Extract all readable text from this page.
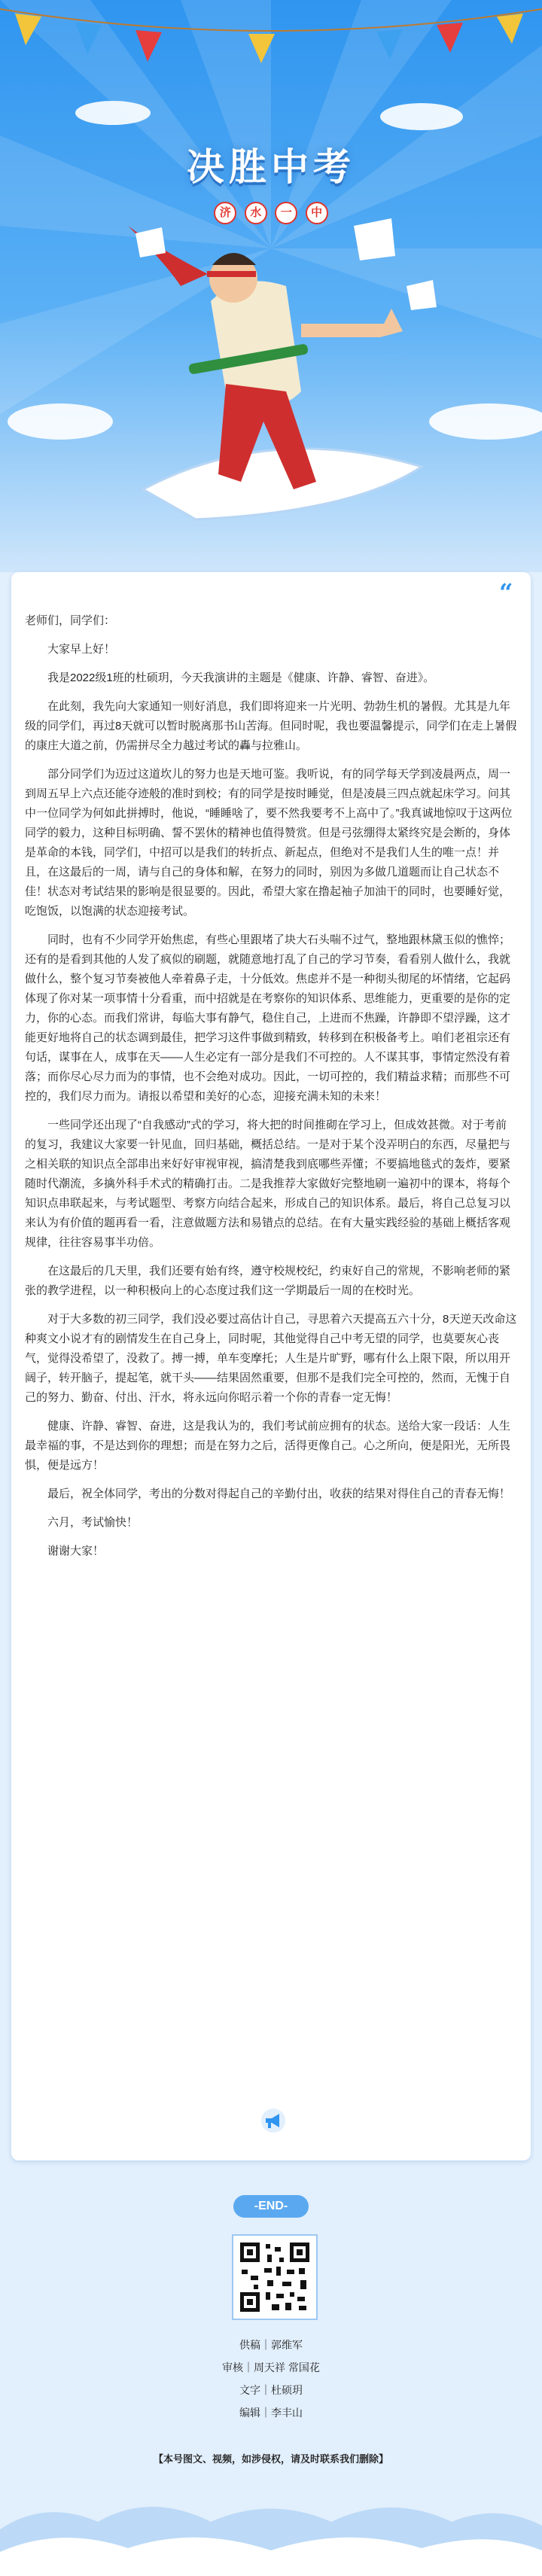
决胜中考
济 水 一 中
“

老师们，同学们：

大家早上好！

我是2022级1班的杜硕玥，今天我演讲的主题是《健康、许静、睿智、奋进》。

在此刻，我先向大家通知一则好消息，我们即将迎来一片光明、勃勃生机的暑假。尤其是九年级的同学们，再过8天就可以暂时脱离那书山苦海。但同时呢，我也要温馨提示，同学们在走上暑假的康庄大道之前，仍需拼尽全力越过考试的轟与拉雅山。

部分同学们为迈过这道坎儿的努力也是天地可鉴。我听说，有的同学每天学到凌晨两点，周一到周五早上六点还能夺迹般的准时到校；有的同学是按时睡觉，但是凌晨三四点就起床学习。问其中一位同学为何如此拼搏时，他说，“睡睡啥了，要不然我要考不上高中了。”我真诚地惊叹于这两位同学的毅力，这种目标明确、誓不罢休的精神也值得赞赏。但是弓弦绷得太紧终究是会断的，身体是革命的本钱，同学们，中招可以是我们的转折点、新起点，但绝对不是我们人生的唯一点！并且，在这最后的一周，请与自己的身体和解，在努力的同时，别因为多做几道题而让自己状态不佳！状态对考试结果的影响是很显要的。因此，希望大家在撸起袖子加油干的同时，也要睡好觉，吃饱饭，以饱满的状态迎接考试。

同时，也有不少同学开始焦虑，有些心里跟堵了块大石头喘不过气，整地跟林黛玉似的憔悴；还有的是看到其他的人发了疯似的刷题，就随意地打乱了自己的学习节奏，看看别人做什么，我就做什么，整个复习节奏被他人牵着鼻子走，十分低效。焦虑并不是一种彻头彻尾的坏情绪，它起码体现了你对某一项事情十分看重，而中招就是在考察你的知识体系、思维能力，更重要的是你的定力，你的心态。而我们常讲，每临大事有静气，稳住自己，上进而不焦躁，许静即不望浮躁，这才能更好地将自己的状态调到最佳，把学习这件事做到精致，转移到在积极备考上。咱们老祖宗还有句话，谋事在人，成事在天——人生必定有一部分是我们不可控的。人不谋其事，事情定然没有着落；而你尽心尽力而为的事情，也不会绝对成功。因此，一切可控的，我们精益求精；而那些不可控的，我们尽力而为。请报以希望和美好的心态，迎接充满未知的未来！

一些同学还出现了“自我感动”式的学习，将大把的时间推砌在学习上，但成效甚微。对于考前的复习，我建议大家要一针见血，回归基础，概括总结。一是对于某个没弄明白的东西，尽量把与之相关联的知识点全部串出来好好审视审视，搞清楚我到底哪些弄懂；不要搞地毯式的轰炸，要紧随时代潮流，多擒外科手术式的精确打击。二是我推荐大家做好完整地刷一遍初中的课本，将每个知识点串联起来，与考试题型、考察方向结合起来，形成自己的知识体系。最后，将自己总复习以来认为有价值的题再看一看，注意做题方法和易错点的总结。在有大量实践经验的基础上概括客观规律，往往容易事半功倍。

在这最后的几天里，我们还要有始有终，遵守校规校纪，约束好自己的常规，不影响老师的紧张的教学进程，以一种积极向上的心态度过我们这一学期最后一周的在校时光。

对于大多数的初三同学，我们没必要过高估计自己，寻思着六天提高五六十分，8天逆天改命这种爽文小说才有的剧情发生在自己身上，同时呢，其他觉得自己中考无望的同学，也莫要灰心丧气，觉得没希望了，没救了。搏一搏，单车变摩托；人生是片旷野，哪有什么上限下限，所以用开阔子，转开脑子，提起笔，就干头——结果固然重要，但那不是我们完全可控的，然而，无愧于自己的努力、勤奋、付出、汗水，将永远向你昭示着一个你的青春一定无悔！

健康、许静、睿智、奋进，这是我认为的，我们考试前应拥有的状态。送给大家一段话：人生最幸福的事，不是达到你的理想；而是在努力之后，活得更像自己。心之所向，便是阳光，无所畏惧，便是远方！

最后，祝全体同学，考出的分数对得起自己的辛勤付出，收获的结果对得住自己的青春无悔！

六月，考试愉快！

谢谢大家！

-END-
供稿｜郭维军
审核｜周天祥 常国花
文字｜杜硕玥
编辑｜李丰山
【本号图文、视频，如涉侵权，请及时联系我们删除】
